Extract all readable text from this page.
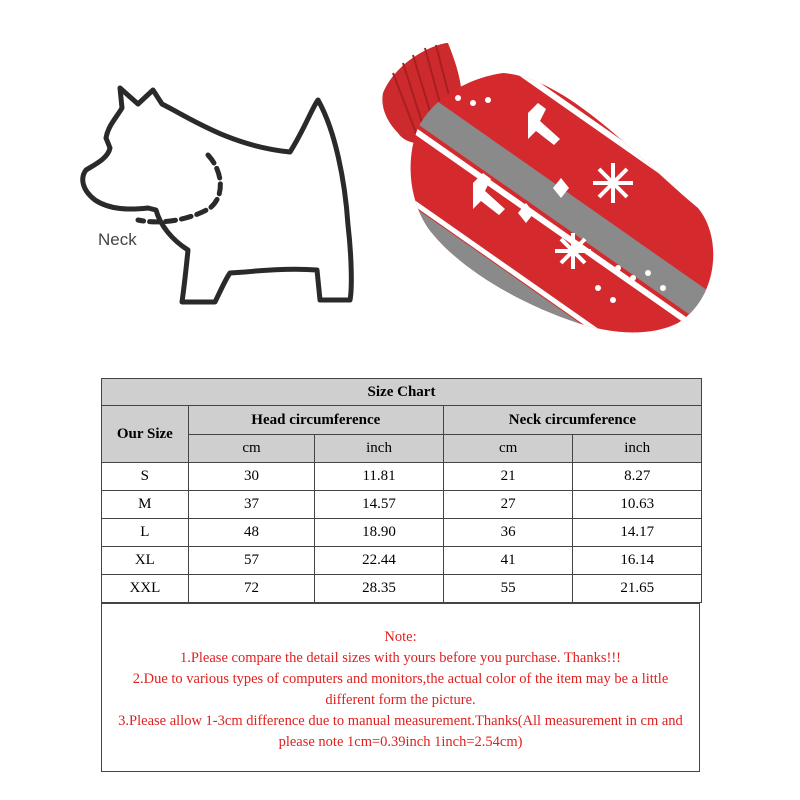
Neck
Size Chart				
Our Size	Head circumference		Neck circumference	
	cm	inch	cm	inch
S	30	11.81	21	8.27
M	37	14.57	27	10.63
L	48	18.90	36	14.17
XL	57	22.44	41	16.14
XXL	72	28.35	55	21.65
Note:
1.Please compare the detail sizes with yours before you purchase. Thanks!!!
2.Due to various types of computers and monitors,the actual color of the item may be a little different form the picture.
3.Please allow 1-3cm difference due to manual measurement.Thanks(All measurement in cm and please note 1cm=0.39inch 1inch=2.54cm)
